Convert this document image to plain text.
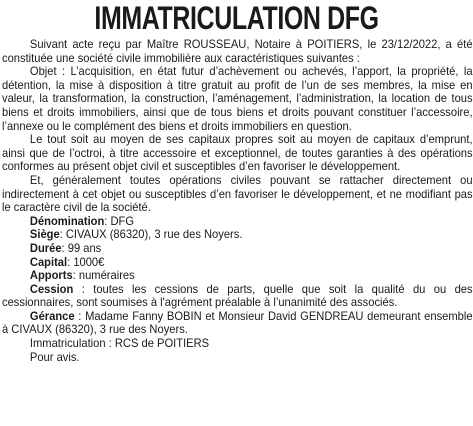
IMMATRICULATION DFG

Suivant acte reçu par Maître ROUSSEAU, Notaire à POITIERS, le 23/12/2022, a été constituée une société civile immobilière aux caractéristiques suivantes :

Objet : L’acquisition, en état futur d’achèvement ou achevés, l’apport, la propriété, la détention, la mise à disposition à titre gratuit au profit de l’un de ses membres, la mise en valeur, la transformation, la construction, l’aménagement, l’administration, la location de tous biens et droits immobiliers, ainsi que de tous biens et droits pouvant constituer l’accessoire, l’annexe ou le complément des biens et droits immobiliers en question.

Le tout soit au moyen de ses capitaux propres soit au moyen de capitaux d’emprunt, ainsi que de l’octroi, à titre accessoire et exceptionnel, de toutes garanties à des opérations conformes au présent objet civil et susceptibles d’en favoriser le développement.

Et, généralement toutes opérations civiles pouvant se rattacher directement ou indirectement à cet objet ou susceptibles d’en favoriser le développement, et ne modifiant pas le caractère civil de la société.

Dénomination: DFG

Siège: CIVAUX (86320), 3 rue des Noyers.

Durée: 99 ans

Capital: 1000€

Apports: numéraires

Cession : toutes les cessions de parts, quelle que soit la qualité du ou des cessionnaires, sont soumises à l'agrément préalable à l’unanimité des associés.

Gérance : Madame Fanny BOBIN et Monsieur David GENDREAU demeurant ensemble à CIVAUX (86320), 3 rue des Noyers.

Immatriculation : RCS de POITIERS

Pour avis.
